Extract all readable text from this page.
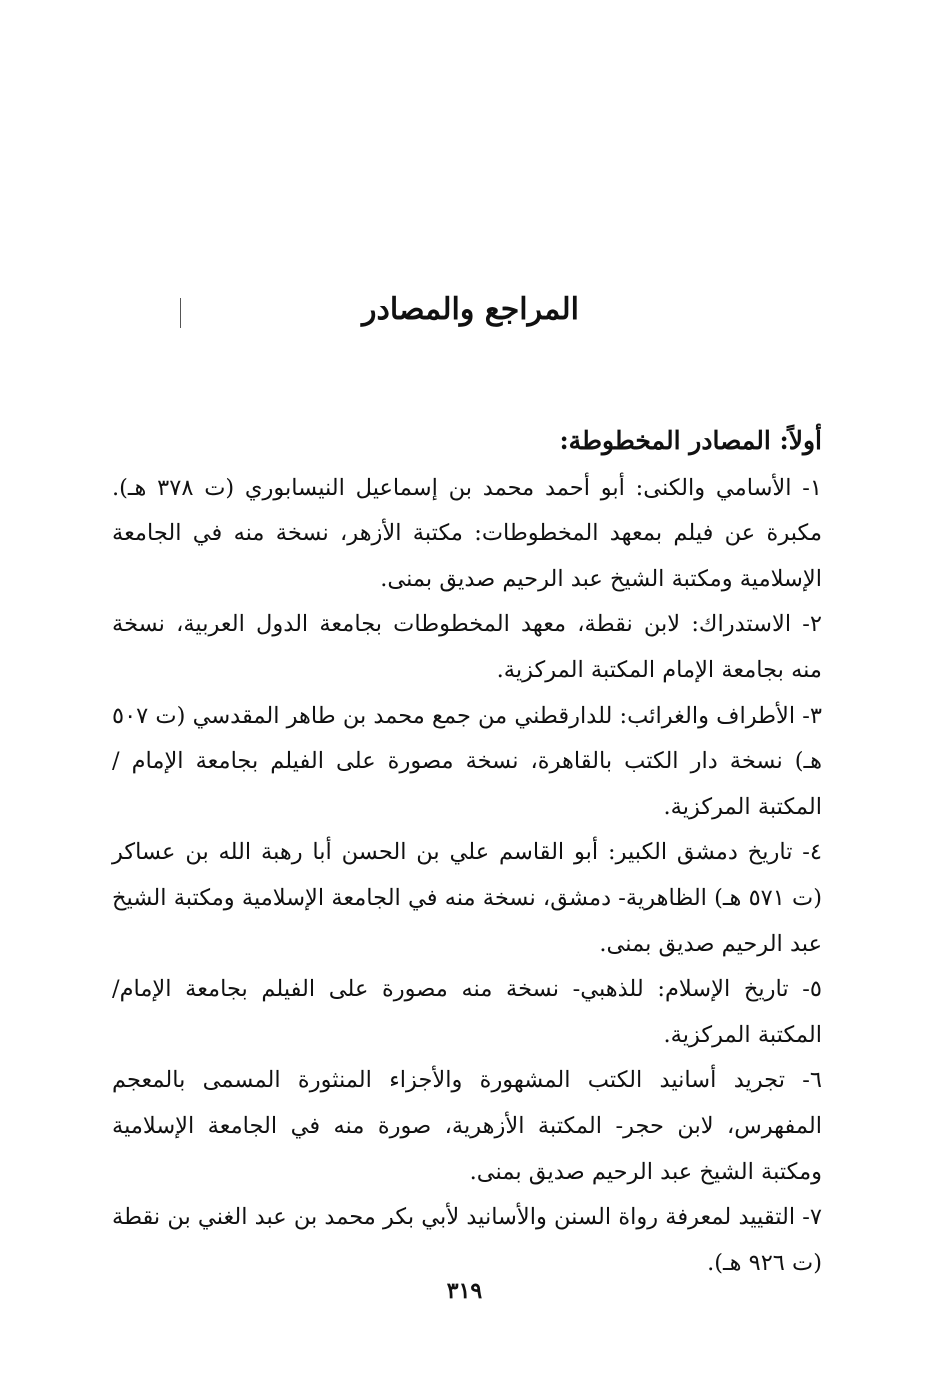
المراجع والمصادر
أولاً: المصادر المخطوطة:

١- الأسامي والكنى: أبو أحمد محمد بن إسماعيل النيسابوري (ت ٣٧٨ هـ). مكبرة عن فيلم بمعهد المخطوطات: مكتبة الأزهر، نسخة منه في الجامعة الإسلامية ومكتبة الشيخ عبد الرحيم صديق بمنى.

٢- الاستدراك: لابن نقطة، معهد المخطوطات بجامعة الدول العربية، نسخة منه بجامعة الإمام المكتبة المركزية.

٣- الأطراف والغرائب: للدارقطني من جمع محمد بن طاهر المقدسي (ت ٥٠٧ هـ) نسخة دار الكتب بالقاهرة، نسخة مصورة على الفيلم بجامعة الإمام / المكتبة المركزية.

٤- تاريخ دمشق الكبير: أبو القاسم علي بن الحسن أبا رهبة الله بن عساكر (ت ٥٧١ هـ) الظاهرية- دمشق، نسخة منه في الجامعة الإسلامية ومكتبة الشيخ عبد الرحيم صديق بمنى.

٥- تاريخ الإسلام: للذهبي- نسخة منه مصورة على الفيلم بجامعة الإمام/ المكتبة المركزية.

٦- تجريد أسانيد الكتب المشهورة والأجزاء المنثورة المسمى بالمعجم المفهرس، لابن حجر- المكتبة الأزهرية، صورة منه في الجامعة الإسلامية ومكتبة الشيخ عبد الرحيم صديق بمنى.

٧- التقييد لمعرفة رواة السنن والأسانيد لأبي بكر محمد بن عبد الغني بن نقطة (ت ٩٢٦ هـ).

٣١٩
